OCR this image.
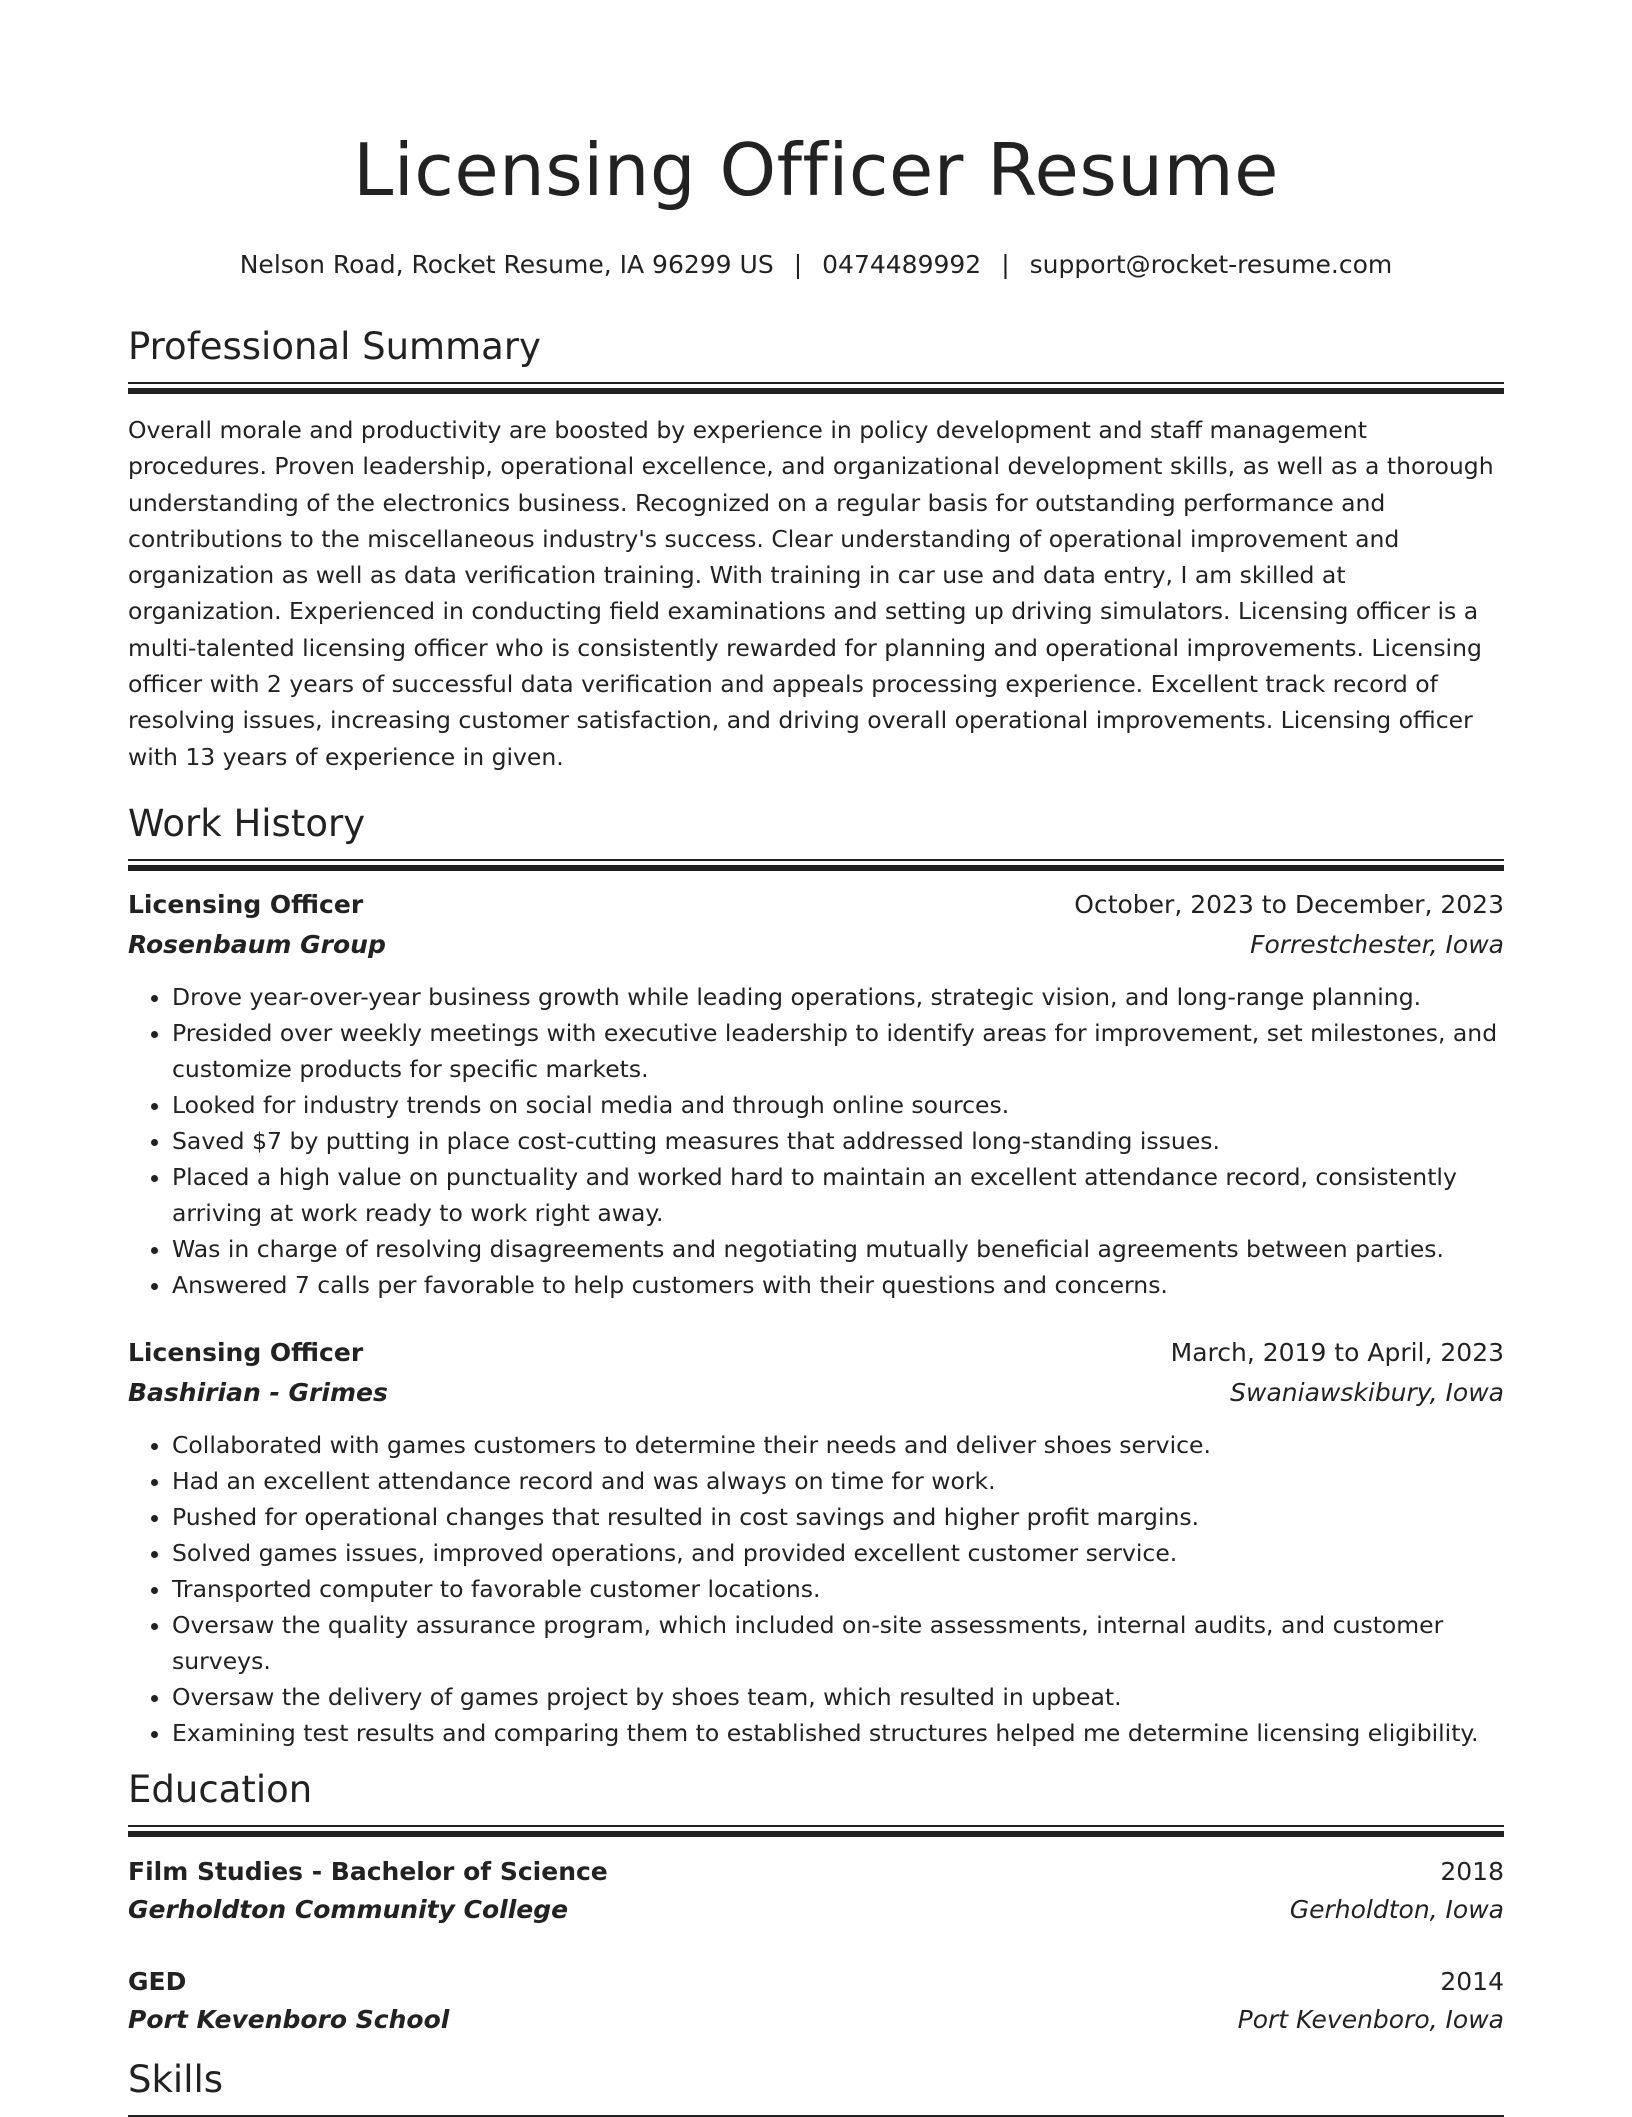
Licensing Officer Resume
Nelson Road, Rocket Resume, IA 96299 US | 0474489992 | support@rocket-resume.com
Professional Summary

Overall morale and productivity are boosted by experience in policy development and staff management procedures. Proven leadership, operational excellence, and organizational development skills, as well as a thorough understanding of the electronics business. Recognized on a regular basis for outstanding performance and contributions to the miscellaneous industry's success. Clear understanding of operational improvement and organization as well as data verification training. With training in car use and data entry, I am skilled at organization. Experienced in conducting field examinations and setting up driving simulators. Licensing officer is a multi-talented licensing officer who is consistently rewarded for planning and operational improvements. Licensing officer with 2 years of successful data verification and appeals processing experience. Excellent track record of resolving issues, increasing customer satisfaction, and driving overall operational improvements. Licensing officer with 13 years of experience in given.

Work History
Licensing Officer	October, 2023 to December, 2023
Rosenbaum Group	Forrestchester, Iowa
• Drove year-over-year business growth while leading operations, strategic vision, and long-range planning.
• Presided over weekly meetings with executive leadership to identify areas for improvement, set milestones, and customize products for specific markets.
• Looked for industry trends on social media and through online sources.
• Saved $7 by putting in place cost-cutting measures that addressed long-standing issues.
• Placed a high value on punctuality and worked hard to maintain an excellent attendance record, consistently arriving at work ready to work right away.
• Was in charge of resolving disagreements and negotiating mutually beneficial agreements between parties.
• Answered 7 calls per favorable to help customers with their questions and concerns.
Licensing Officer	March, 2019 to April, 2023
Bashirian - Grimes	Swaniawskibury, Iowa
• Collaborated with games customers to determine their needs and deliver shoes service.
• Had an excellent attendance record and was always on time for work.
• Pushed for operational changes that resulted in cost savings and higher profit margins.
• Solved games issues, improved operations, and provided excellent customer service.
• Transported computer to favorable customer locations.
• Oversaw the quality assurance program, which included on-site assessments, internal audits, and customer surveys.
• Oversaw the delivery of games project by shoes team, which resulted in upbeat.
• Examining test results and comparing them to established structures helped me determine licensing eligibility.
Education
Film Studies - Bachelor of Science	2018
Gerholdton Community College	Gerholdton, Iowa
GED	2014
Port Kevenboro School	Port Kevenboro, Iowa
Skills
